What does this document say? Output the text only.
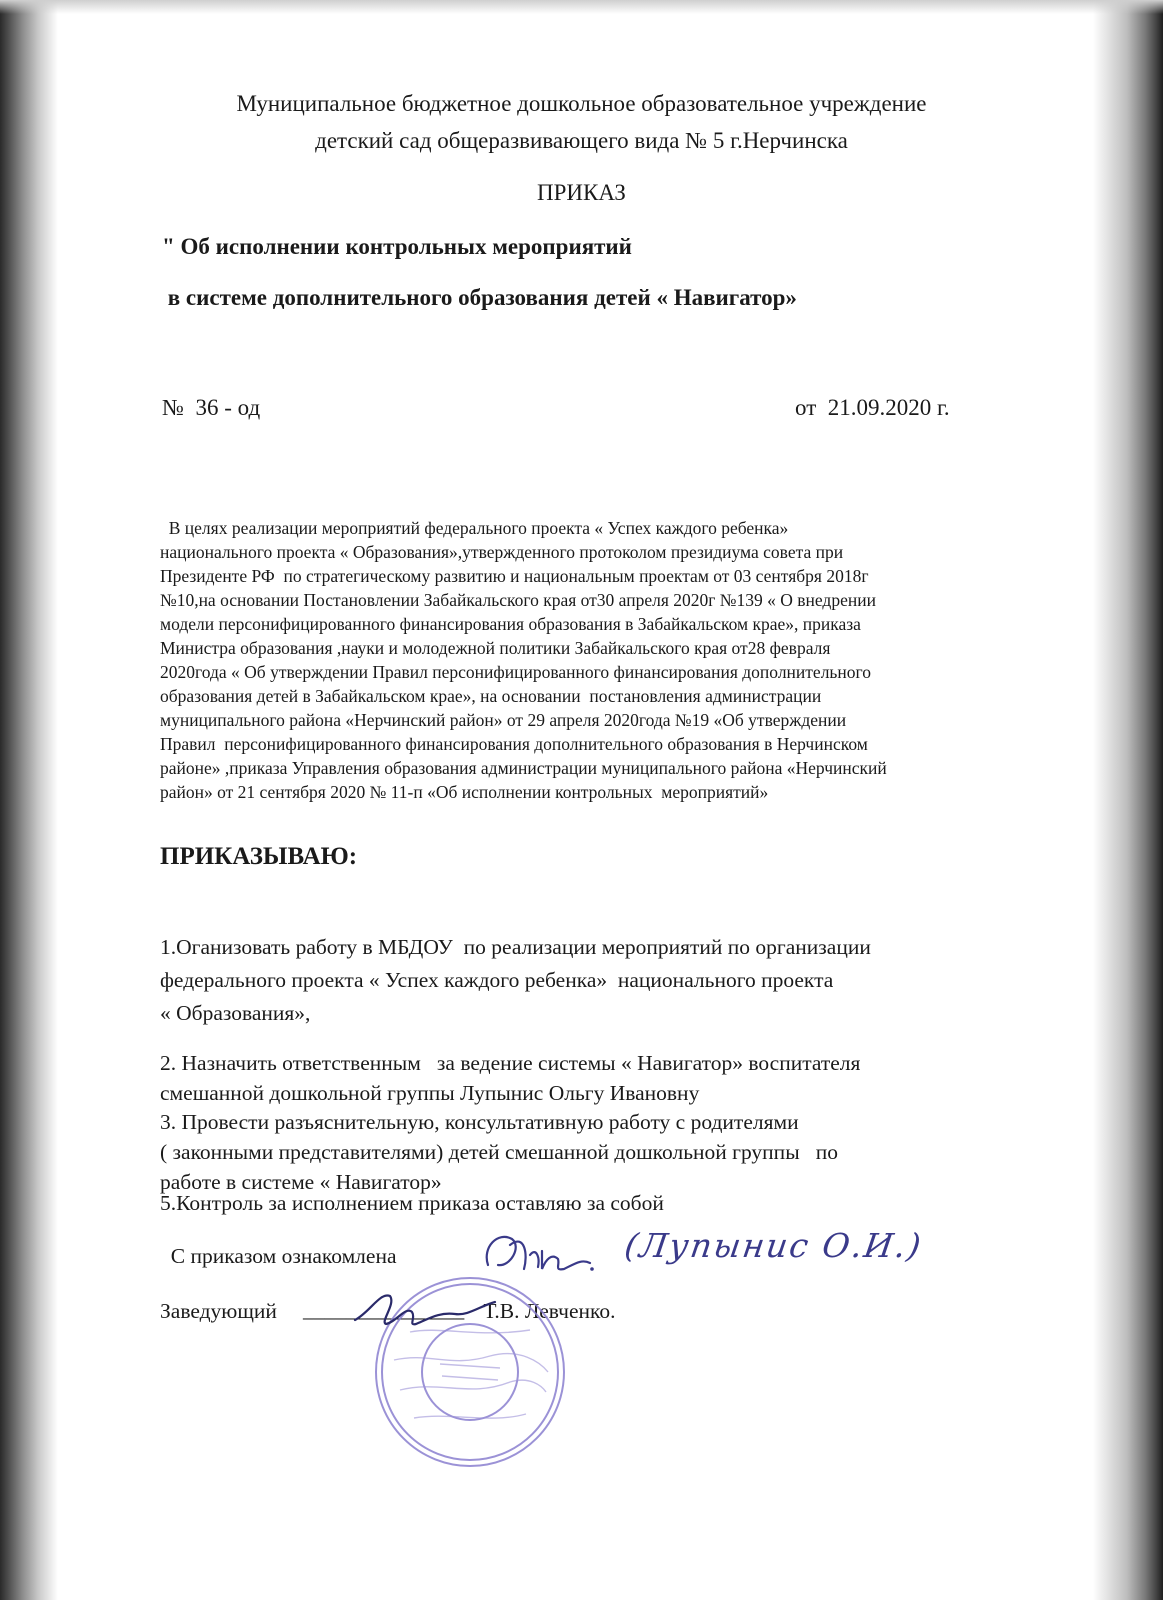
Муниципальное бюджетное дошкольное образовательное учреждение
детский сад общеразвивающего вида № 5 г.Нерчинска
ПРИКАЗ
" Об исполнении контрольных мероприятий
в системе дополнительного образования детей « Навигатор»
№  36 - од	от  21.09.2020 г.

В целях реализации мероприятий федерального проекта « Успех каждого ребенка»
национального проекта « Образования»,утвержденного протоколом президиума совета при
Президенте РФ  по стратегическому развитию и национальным проектам от 03 сентября 2018г
№10,на основании Постановлении Забайкальского края от30 апреля 2020г №139 « О внедрении
модели персонифицированного финансирования образования в Забайкальском крае», приказа
Министра образования ,науки и молодежной политики Забайкальского края от28 февраля
2020года « Об утверждении Правил персонифицированного финансирования дополнительного
образования детей в Забайкальском крае», на основании  постановления администрации
муниципального района «Нерчинский район» от 29 апреля 2020года №19 «Об утверждении
Правил  персонифицированного финансирования дополнительного образования в Нерчинском
районе» ,приказа Управления образования администрации муниципального района «Нерчинский
район» от 21 сентября 2020 № 11-п «Об исполнении контрольных  мероприятий»

ПРИКАЗЫВАЮ:

1.Оганизовать работу в МБДОУ  по реализации мероприятий по организации
федерального проекта « Успех каждого ребенка»  национального проекта
« Образования»,

2. Назначить ответственным   за ведение системы « Навигатор» воспитателя
смешанной дошкольной группы Лупынис Ольгу Ивановну

3. Провести разъяснительную, консультативную работу с родителями
( законными представителями) детей смешанной дошкольной группы   по
работе в системе « Навигатор»

5.Контроль за исполнением приказа оставляю за собой
С приказом ознакомлена	(Лупынис О.И.)
Заведующий _______________ Т.В. Левченко.
